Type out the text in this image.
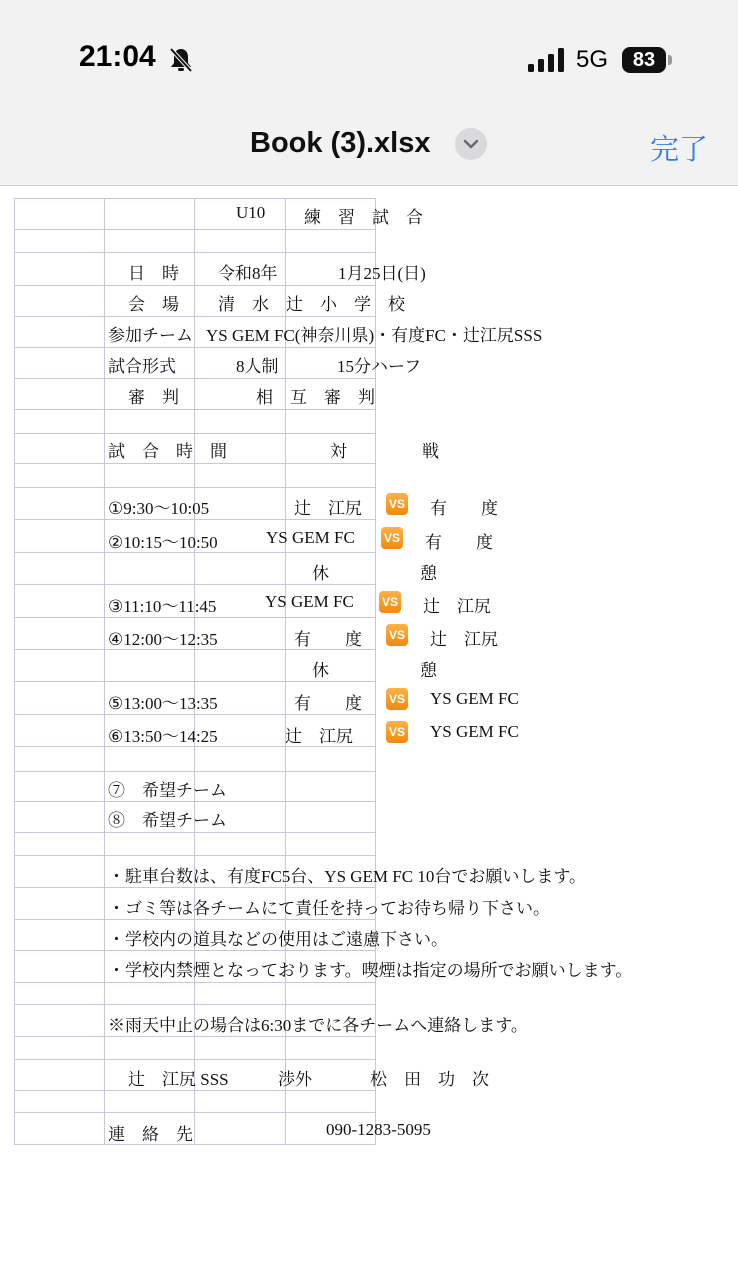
21:04	5G	83
Book (3).xlsx	完了
U10 練　習　試　合
日　時 令和8年	1月25日(日)
会　場 清　水　辻　小　学　校
参加チーム YS GEM FC(神奈川県)・有度FC・辻江尻SSS
試合形式	8人制	15分ハーフ
審　判	相　互　審　判
試　合　時　間	対	戦
①9:30〜10:05	辻　江尻 VS 有　　度
②10:15〜10:50	YS GEM FC VS 有　　度
休	憩
③11:10〜11:45	YS GEM FC VS 辻　江尻
④12:00〜12:35	有　　度 VS 辻　江尻
休	憩
⑤13:00〜13:35	有　　度 VS YS GEM FC
⑥13:50〜14:25	辻　江尻	VS YS GEM FC
⑦　希望チーム
⑧　希望チーム
・駐車台数は、有度FC5台、YS GEM FC 10台でお願いします。
・ゴミ等は各チームにて責任を持ってお待ち帰り下さい。
・学校内の道具などの使用はご遠慮下さい。
・学校内禁煙となっております。喫煙は指定の場所でお願いします。
※雨天中止の場合は6:30までに各チームへ連絡します。
辻　江尻 SSS	渉外	松　田　功　次
連　絡　先	090-1283-5095
